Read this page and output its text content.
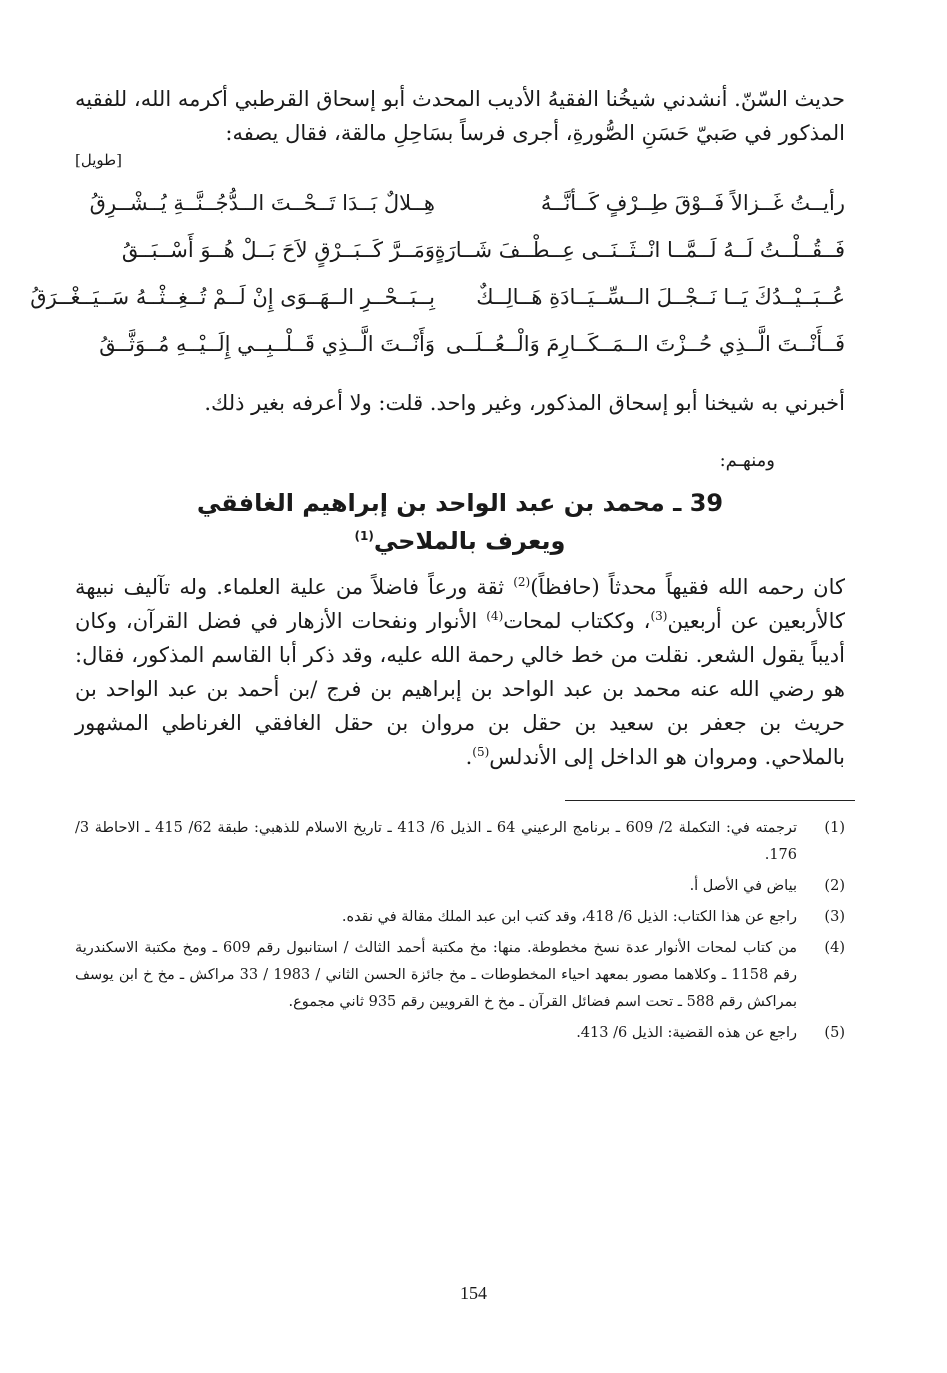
حديث السّنّ. أنشدني شيخُنا الفقيهُ الأديب المحدث أبو إسحاق القرطبي أكرمه الله، للفقيه المذكور في صَبيّ حَسَنِ الصُّورةِ، أجرى فرساً بسَاحِلِ مالقة، فقال يصفه:

[طويل]
رأيــتُ غَــزالاً فَــوْقَ طِــرْفٍ كَــأنَّــهُ
هِــلالٌ بَــدَا تَــحْــتَ الــدُّجُــنَّــةِ يُــشْــرِقُ
فَــقُــلْــتُ لَــهُ لَــمَّــا انْــثَــنَــى عِــطْــفَ شَــارَةٍ
وَمَــرَّ كَــبَــرْقٍ لاَحَ بَــلْ هُــوَ أَسْــبَــقُ
عُــبَــيْــدُكَ يَــا نَــجْــلَ الــسِّــيَــادَةِ هَــالِــكٌ
بِــبَــحْــرِ الــهَــوَى إِنْ لَــمْ تُــغِــثْــهُ سَــيَــغْــرَقُ
فَــأَنْــتَ الَّــذِي حُــزْتَ الــمَــكَــارِمَ وَالْــعُــلَــى
وَأَنْــتَ الَّــذِي قَــلْــبِــي إِلَــيْــهِ مُــوَثَّــقُ

أخبرني به شيخنا أبو إسحاق المذكور، وغير واحد. قلت: ولا أعرفه بغير ذلك.

ومنهـم:
39 ـ محمد بن عبد الواحد بن إبراهيم الغافقي
ويعرف بالملاحي$^{(1)}$

كان رحمه الله فقيهاً محدثاً (حافظاً)$^{(2)}$ ثقة ورعاً فاضلاً من علية العلماء. وله تآليف نبيهة كالأربعين عن أربعين$^{(3)}$، وككتاب لمحات$^{(4)}$ الأنوار ونفحات الأزهار في فضل القرآن، وكان أديباً يقول الشعر. نقلت من خط خالي رحمة الله عليه، وقد ذكر أبا القاسم المذكور، فقال: هو رضي الله عنه محمد بن عبد الواحد بن إبراهيم بن فرج /بن أحمد بن عبد الواحد بن حريث بن جعفر بن سعيد بن حقل بن مروان بن حقل الغافقي الغرناطي المشهور بالملاحي. ومروان هو الداخل إلى الأندلس$^{(5)}$.

(1)
ترجمته في: التكملة 2/ 609 ـ برنامج الرعيني 64 ـ الذيل 6/ 413 ـ تاريخ الاسلام للذهبي: طبقة 62/ 415 ـ الاحاطة 3/ 176.
(2)
بياض في الأصل أ.
(3)
راجع عن هذا الكتاب: الذيل 6/ 418، وقد كتب ابن عبد الملك مقالة في نقده.
(4)
من كتاب لمحات الأنوار عدة نسخ مخطوطة. منها: مخ مكتبة أحمد الثالث / استانبول رقم 609 ـ ومخ مكتبة الاسكندرية رقم 1158 ـ وكلاهما مصور بمعهد احياء المخطوطات ـ مخ جائزة الحسن الثاني / 1983 / 33 مراكش ـ مخ خ ابن يوسف بمراكش رقم 588 ـ تحت اسم فضائل القرآن ـ مخ خ القرويين رقم 935 ثاني مجموع.
(5)
راجع عن هذه القضية: الذيل 6/ 413.
154
